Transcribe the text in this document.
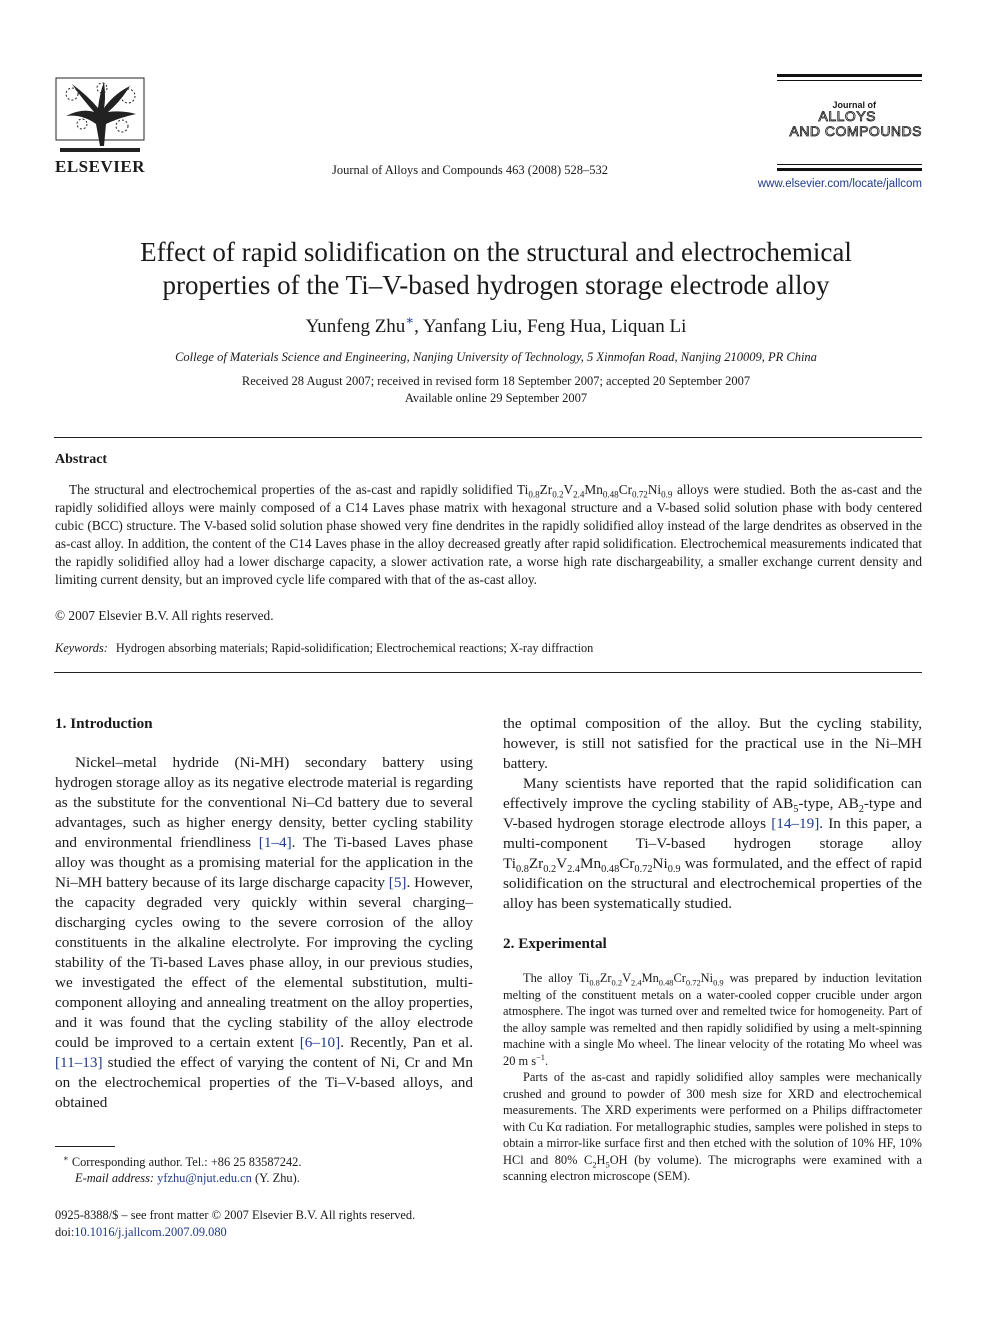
ELSEVIER	Journal of Alloys and Compounds 463 (2008) 528–532
Journal of
ALLOYS
AND COMPOUNDS
www.elsevier.com/locate/jallcom
Effect of rapid solidification on the structural and electrochemical
properties of the Ti–V-based hydrogen storage electrode alloy
Yunfeng Zhu∗, Yanfang Liu, Feng Hua, Liquan Li
College of Materials Science and Engineering, Nanjing University of Technology, 5 Xinmofan Road, Nanjing 210009, PR China
Received 28 August 2007; received in revised form 18 September 2007; accepted 20 September 2007
Available online 29 September 2007
Abstract

The structural and electrochemical properties of the as-cast and rapidly solidified $Ti_{0.8}Zr_{0.2}V_{2.4}Mn_{0.48}Cr_{0.72}Ni_{0.9}$ alloys were studied. Both the as-cast and the rapidly solidified alloys were mainly composed of a C14 Laves phase matrix with hexagonal structure and a V-based solid solution phase with body centered cubic (BCC) structure. The V-based solid solution phase showed very fine dendrites in the rapidly solidified alloy instead of the large dendrites as observed in the as-cast alloy. In addition, the content of the C14 Laves phase in the alloy decreased greatly after rapid solidification. Electrochemical measurements indicated that the rapidly solidified alloy had a lower discharge capacity, a slower activation rate, a worse high rate dischargeability, a smaller exchange current density and limiting current density, but an improved cycle life compared with that of the as-cast alloy.

© 2007 Elsevier B.V. All rights reserved.
Keywords: Hydrogen absorbing materials; Rapid-solidification; Electrochemical reactions; X-ray diffraction

1. Introduction

Nickel–metal hydride (Ni-MH) secondary battery using hydrogen storage alloy as its negative electrode material is regarding as the substitute for the conventional Ni–Cd battery due to several advantages, such as higher energy density, better cycling stability and environmental friendliness [1–4]. The Ti-based Laves phase alloy was thought as a promising material for the application in the Ni–MH battery because of its large discharge capacity [5]. However, the capacity degraded very quickly within several charging–discharging cycles owing to the severe corrosion of the alloy constituents in the alkaline electrolyte. For improving the cycling stability of the Ti-based Laves phase alloy, in our previous studies, we investigated the effect of the elemental substitution, multi-component alloying and annealing treatment on the alloy properties, and it was found that the cycling stability of the alloy electrode could be improved to a certain extent [6–10]. Recently, Pan et al. [11–13] studied the effect of varying the content of Ni, Cr and Mn on the electrochemical properties of the Ti–V-based alloys, and obtained

the optimal composition of the alloy. But the cycling stability, however, is still not satisfied for the practical use in the Ni–MH battery.

Many scientists have reported that the rapid solidification can effectively improve the cycling stability of $AB_5$-type, $AB_2$-type and V-based hydrogen storage electrode alloys [14–19]. In this paper, a multi-component Ti–V-based hydrogen storage alloy $Ti_{0.8}Zr_{0.2}V_{2.4}Mn_{0.48}Cr_{0.72}Ni_{0.9}$ was formulated, and the effect of rapid solidification on the structural and electrochemical properties of the alloy has been systematically studied.

2. Experimental

The alloy $Ti_{0.8}Zr_{0.2}V_{2.4}Mn_{0.48}Cr_{0.72}Ni_{0.9}$ was prepared by induction levitation melting of the constituent metals on a water-cooled copper crucible under argon atmosphere. The ingot was turned over and remelted twice for homogeneity. Part of the alloy sample was remelted and then rapidly solidified by using a melt-spinning machine with a single Mo wheel. The linear velocity of the rotating Mo wheel was 20 m $s^{-1}$.

Parts of the as-cast and rapidly solidified alloy samples were mechanically crushed and ground to powder of 300 mesh size for XRD and electrochemical measurements. The XRD experiments were performed on a Philips diffractometer with Cu Kα radiation. For metallographic studies, samples were polished in steps to obtain a mirror-like surface first and then etched with the solution of 10% HF, 10% HCl and 80% $C_2H_5OH$ (by volume). The micrographs were examined with a scanning electron microscope (SEM).

∗ Corresponding author. Tel.: +86 25 83587242.
E-mail address: yfzhu@njut.edu.cn (Y. Zhu).
0925-8388/$ – see front matter © 2007 Elsevier B.V. All rights reserved.
doi:10.1016/j.jallcom.2007.09.080
